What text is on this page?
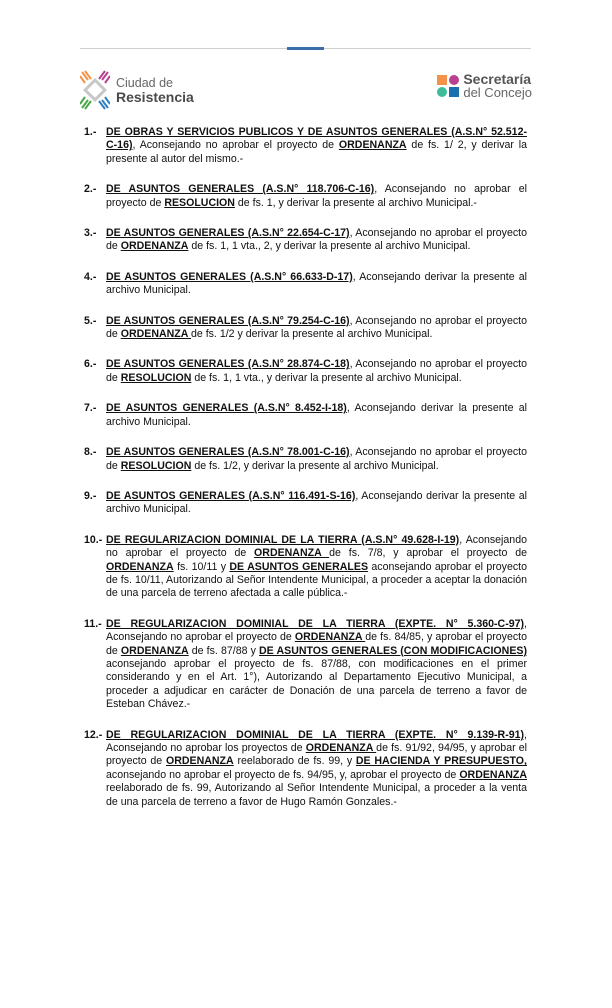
Ciudad de
Resistencia
Secretaría
del Concejo
1.- DE OBRAS Y SERVICIOS PUBLICOS Y DE ASUNTOS GENERALES (A.S.N° 52.512-C-16), Aconsejando no aprobar el proyecto de ORDENANZA de fs. 1/ 2, y derivar la presente al autor del mismo.-
2.- DE ASUNTOS GENERALES (A.S.N° 118.706-C-16), Aconsejando no aprobar el proyecto de RESOLUCION de fs. 1, y derivar la presente al archivo Municipal.-
3.- DE ASUNTOS GENERALES (A.S.N° 22.654-C-17), Aconsejando no aprobar el proyecto de ORDENANZA de fs. 1, 1 vta., 2, y derivar la presente al archivo Municipal.
4.- DE ASUNTOS GENERALES (A.S.N° 66.633-D-17), Aconsejando derivar la presente al archivo Municipal.
5.- DE ASUNTOS GENERALES (A.S.N° 79.254-C-16), Aconsejando no aprobar el proyecto de ORDENANZA de fs. 1/2 y derivar la presente al archivo Municipal.
6.- DE ASUNTOS GENERALES (A.S.N° 28.874-C-18), Aconsejando no aprobar el proyecto de RESOLUCION de fs. 1, 1 vta., y derivar la presente al archivo Municipal.
7.- DE ASUNTOS GENERALES (A.S.N° 8.452-I-18), Aconsejando derivar la presente al archivo Municipal.
8.- DE ASUNTOS GENERALES (A.S.N° 78.001-C-16), Aconsejando no aprobar el proyecto de RESOLUCION de fs. 1/2, y derivar la presente al archivo Municipal.
9.- DE ASUNTOS GENERALES (A.S.N° 116.491-S-16), Aconsejando derivar la presente al archivo Municipal.
10.- DE REGULARIZACION DOMINIAL DE LA TIERRA (A.S.N° 49.628-I-19), Aconsejando no aprobar el proyecto de ORDENANZA de fs. 7/8, y aprobar el proyecto de ORDENANZA fs. 10/11 y DE ASUNTOS GENERALES aconsejando aprobar el proyecto de fs. 10/11, Autorizando al Señor Intendente Municipal, a proceder a aceptar la donación de una parcela de terreno afectada a calle pública.-
11.- DE REGULARIZACION DOMINIAL DE LA TIERRA (EXPTE. N° 5.360-C-97), Aconsejando no aprobar el proyecto de ORDENANZA de fs. 84/85, y aprobar el proyecto de ORDENANZA de fs. 87/88 y DE ASUNTOS GENERALES (CON MODIFICACIONES) aconsejando aprobar el proyecto de fs. 87/88, con modificaciones en el primer considerando y en el Art. 1°), Autorizando al Departamento Ejecutivo Municipal, a proceder a adjudicar en carácter de Donación de una parcela de terreno a favor de Esteban Chávez.-
12.- DE REGULARIZACION DOMINIAL DE LA TIERRA (EXPTE. N° 9.139-R-91), Aconsejando no aprobar los proyectos de ORDENANZA de fs. 91/92, 94/95, y aprobar el proyecto de ORDENANZA reelaborado de fs. 99, y DE HACIENDA Y PRESUPUESTO, aconsejando no aprobar el proyecto de fs. 94/95, y, aprobar el proyecto de ORDENANZA reelaborado de fs. 99, Autorizando al Señor Intendente Municipal, a proceder a la venta de una parcela de terreno a favor de Hugo Ramón Gonzales.-
